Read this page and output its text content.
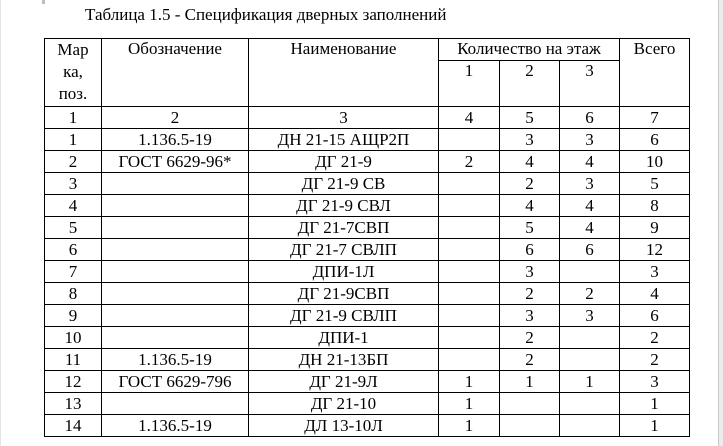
Таблица 1.5 - Спецификация дверных заполнений
Мар
ка,
поз.	Обозначение	Наименование	Количество на этаж			Всего
			1	2	3	
1	2	3	4	5	6	7
1	1.136.5-19	ДН 21-15 АЩР2П		3	3	6
2	ГОСТ 6629-96*	ДГ 21-9	2	4	4	10
3		ДГ 21-9 СВ		2	3	5
4		ДГ 21-9 СВЛ		4	4	8
5		ДГ 21-7СВП		5	4	9
6		ДГ 21-7 СВЛП		6	6	12
7		ДПИ-1Л		3		3
8		ДГ 21-9СВП		2	2	4
9		ДГ 21-9 СВЛП		3	3	6
10		ДПИ-1		2		2
11	1.136.5-19	ДН 21-13БП		2		2
12	ГОСТ 6629-796	ДГ 21-9Л	1	1	1	3
13		ДГ 21-10	1			1
14	1.136.5-19	ДЛ 13-10Л	1			1
